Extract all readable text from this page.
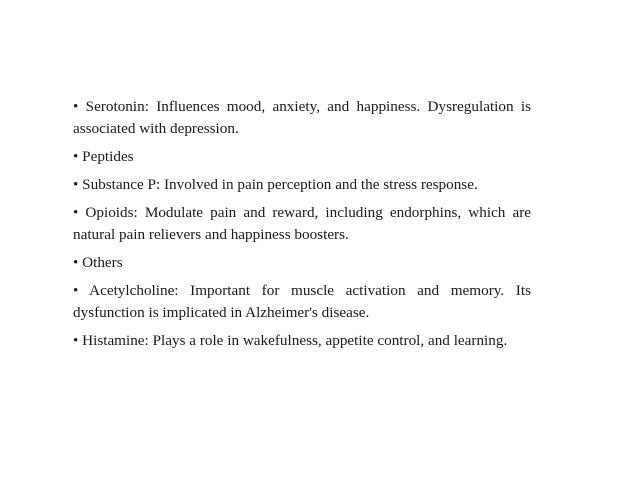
• Serotonin: Influences mood, anxiety, and happiness. Dysregulation is associated with depression.

• Peptides

• Substance P: Involved in pain perception and the stress response.

• Opioids: Modulate pain and reward, including endorphins, which are natural pain relievers and happiness boosters.

• Others

• Acetylcholine: Important for muscle activation and memory. Its dysfunction is implicated in Alzheimer's disease.

• Histamine: Plays a role in wakefulness, appetite control, and learning.
